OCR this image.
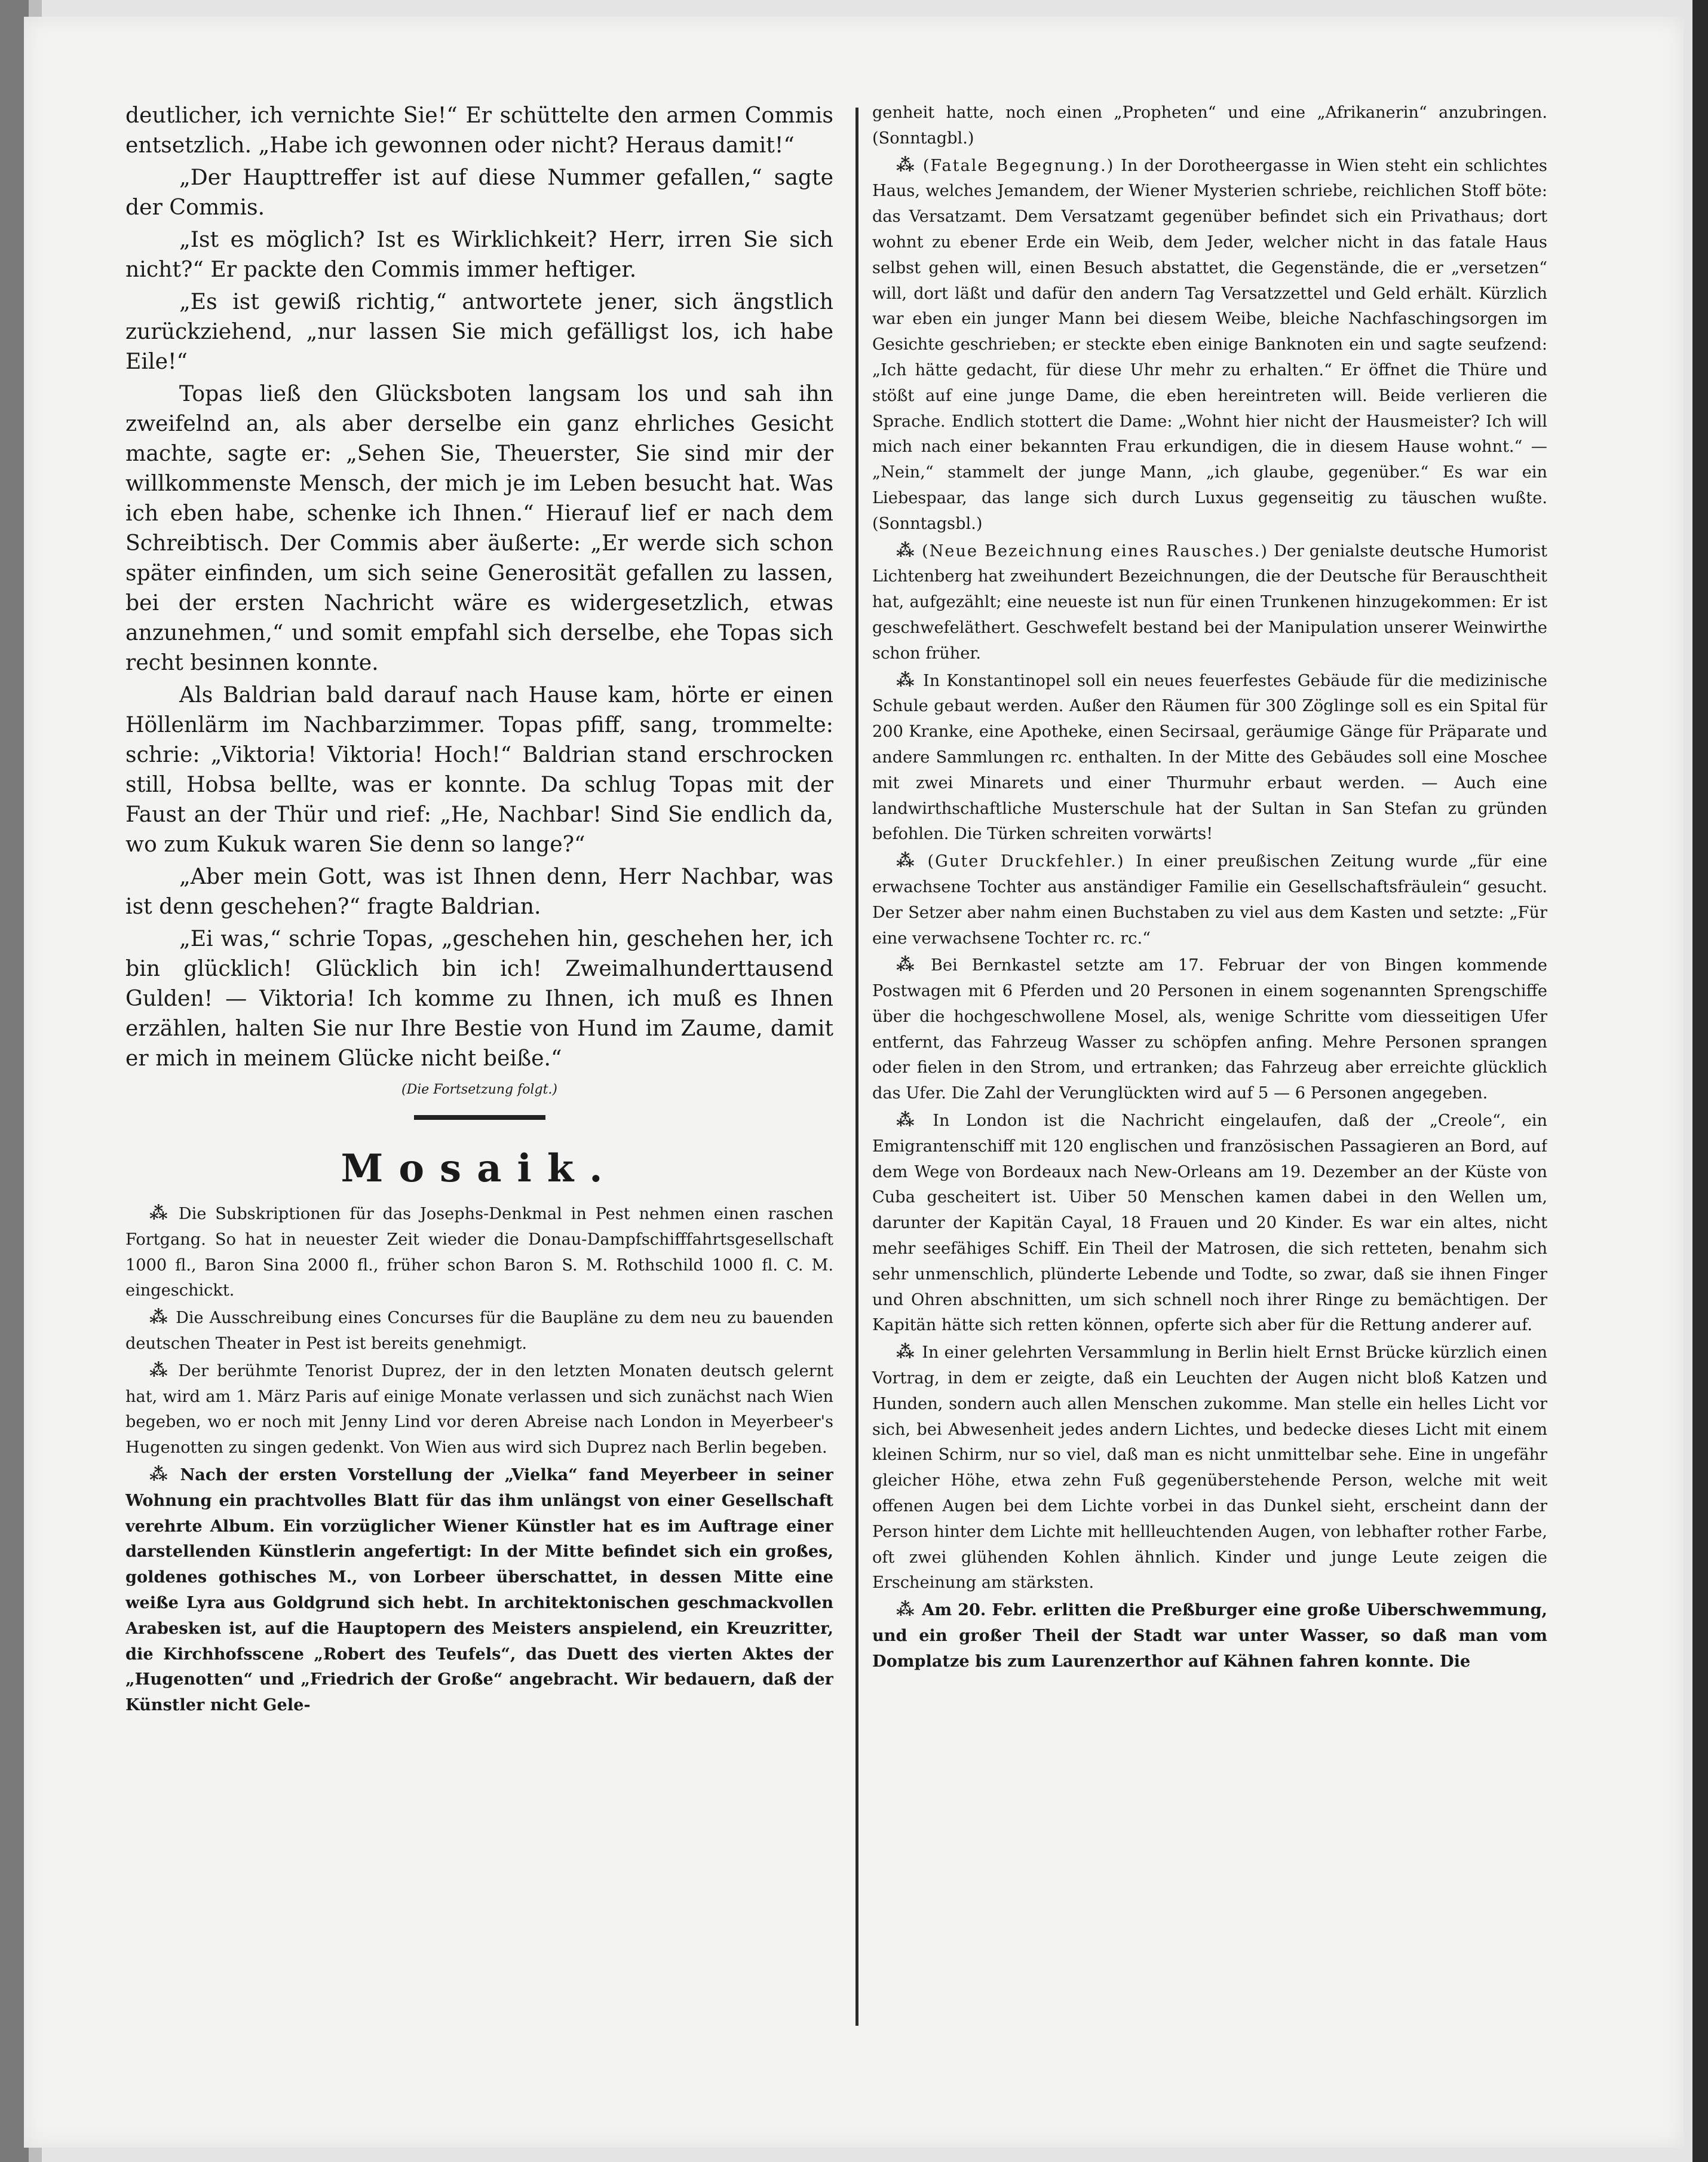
deutlicher, ich vernichte Sie!“ Er schüttelte den armen Commis entsetzlich. „Habe ich gewonnen oder nicht? Heraus damit!“

„Der Haupttreffer ist auf diese Nummer gefallen,“ sagte der Commis.

„Ist es möglich? Ist es Wirklichkeit? Herr, irren Sie sich nicht?“ Er packte den Commis immer heftiger.

„Es ist gewiß richtig,“ antwortete jener, sich ängstlich zurückziehend, „nur lassen Sie mich gefälligst los, ich habe Eile!“

Topas ließ den Glücksboten langsam los und sah ihn zweifelnd an, als aber derselbe ein ganz ehrliches Gesicht machte, sagte er: „Sehen Sie, Theuerster, Sie sind mir der willkommenste Mensch, der mich je im Leben besucht hat. Was ich eben habe, schenke ich Ihnen.“ Hierauf lief er nach dem Schreibtisch. Der Commis aber äußerte: „Er werde sich schon später einfinden, um sich seine Generosität gefallen zu lassen, bei der ersten Nachricht wäre es widergesetzlich, etwas anzunehmen,“ und somit empfahl sich derselbe, ehe Topas sich recht besinnen konnte.

Als Baldrian bald darauf nach Hause kam, hörte er einen Höllenlärm im Nachbarzimmer. Topas pfiff, sang, trommelte: schrie: „Viktoria! Viktoria! Hoch!“ Baldrian stand erschrocken still, Hobsa bellte, was er konnte. Da schlug Topas mit der Faust an der Thür und rief: „He, Nachbar! Sind Sie endlich da, wo zum Kukuk waren Sie denn so lange?“

„Aber mein Gott, was ist Ihnen denn, Herr Nachbar, was ist denn geschehen?“ fragte Baldrian.

„Ei was,“ schrie Topas, „geschehen hin, geschehen her, ich bin glücklich! Glücklich bin ich! Zweimalhunderttausend Gulden! — Viktoria! Ich komme zu Ihnen, ich muß es Ihnen erzählen, halten Sie nur Ihre Bestie von Hund im Zaume, damit er mich in meinem Glücke nicht beiße.“

(Die Fortsetzung folgt.)
Mosaik.

⁂ Die Subskriptionen für das Josephs-Denkmal in Pest nehmen einen raschen Fortgang. So hat in neuester Zeit wieder die Donau-Dampfschifffahrtsgesellschaft 1000 fl., Baron Sina 2000 fl., früher schon Baron S. M. Rothschild 1000 fl. C. M. eingeschickt.

⁂ Die Ausschreibung eines Concurses für die Baupläne zu dem neu zu bauenden deutschen Theater in Pest ist bereits genehmigt.

⁂ Der berühmte Tenorist Duprez, der in den letzten Monaten deutsch gelernt hat, wird am 1. März Paris auf einige Monate verlassen und sich zunächst nach Wien begeben, wo er noch mit Jenny Lind vor deren Abreise nach London in Meyerbeer's Hugenotten zu singen gedenkt. Von Wien aus wird sich Duprez nach Berlin begeben.

⁂ Nach der ersten Vorstellung der „Vielka“ fand Meyerbeer in seiner Wohnung ein prachtvolles Blatt für das ihm unlängst von einer Gesellschaft verehrte Album. Ein vorzüglicher Wiener Künstler hat es im Auftrage einer darstellenden Künstlerin angefertigt: In der Mitte befindet sich ein großes, goldenes gothisches M., von Lorbeer überschattet, in dessen Mitte eine weiße Lyra aus Goldgrund sich hebt. In architektonischen geschmackvollen Arabesken ist, auf die Hauptopern des Meisters anspielend, ein Kreuzritter, die Kirchhofsscene „Robert des Teufels“, das Duett des vierten Aktes der „Hugenotten“ und „Friedrich der Große“ angebracht. Wir bedauern, daß der Künstler nicht Gele-

genheit hatte, noch einen „Propheten“ und eine „Afrikanerin“ anzubringen. (Sonntagbl.)

⁂ (Fatale Begegnung.) In der Dorotheergasse in Wien steht ein schlichtes Haus, welches Jemandem, der Wiener Mysterien schriebe, reichlichen Stoff böte: das Versatzamt. Dem Versatzamt gegenüber befindet sich ein Privathaus; dort wohnt zu ebener Erde ein Weib, dem Jeder, welcher nicht in das fatale Haus selbst gehen will, einen Besuch abstattet, die Gegenstände, die er „versetzen“ will, dort läßt und dafür den andern Tag Versatzzettel und Geld erhält. Kürzlich war eben ein junger Mann bei diesem Weibe, bleiche Nachfaschingsorgen im Gesichte geschrieben; er steckte eben einige Banknoten ein und sagte seufzend: „Ich hätte gedacht, für diese Uhr mehr zu erhalten.“ Er öffnet die Thüre und stößt auf eine junge Dame, die eben hereintreten will. Beide verlieren die Sprache. Endlich stottert die Dame: „Wohnt hier nicht der Hausmeister? Ich will mich nach einer bekannten Frau erkundigen, die in diesem Hause wohnt.“ — „Nein,“ stammelt der junge Mann, „ich glaube, gegenüber.“ Es war ein Liebespaar, das lange sich durch Luxus gegenseitig zu täuschen wußte. (Sonntagsbl.)

⁂ (Neue Bezeichnung eines Rausches.) Der genialste deutsche Humorist Lichtenberg hat zweihundert Bezeichnungen, die der Deutsche für Berauschtheit hat, aufgezählt; eine neueste ist nun für einen Trunkenen hinzugekommen: Er ist geschwefeläthert. Geschwefelt bestand bei der Manipulation unserer Weinwirthe schon früher.

⁂ In Konstantinopel soll ein neues feuerfestes Gebäude für die medizinische Schule gebaut werden. Außer den Räumen für 300 Zöglinge soll es ein Spital für 200 Kranke, eine Apotheke, einen Secirsaal, geräumige Gänge für Präparate und andere Sammlungen rc. enthalten. In der Mitte des Gebäudes soll eine Moschee mit zwei Minarets und einer Thurmuhr erbaut werden. — Auch eine landwirthschaftliche Musterschule hat der Sultan in San Stefan zu gründen befohlen. Die Türken schreiten vorwärts!

⁂ (Guter Druckfehler.) In einer preußischen Zeitung wurde „für eine erwachsene Tochter aus anständiger Familie ein Gesellschaftsfräulein“ gesucht. Der Setzer aber nahm einen Buchstaben zu viel aus dem Kasten und setzte: „Für eine verwachsene Tochter rc. rc.“

⁂ Bei Bernkastel setzte am 17. Februar der von Bingen kommende Postwagen mit 6 Pferden und 20 Personen in einem sogenannten Sprengschiffe über die hochgeschwollene Mosel, als, wenige Schritte vom diesseitigen Ufer entfernt, das Fahrzeug Wasser zu schöpfen anfing. Mehre Personen sprangen oder fielen in den Strom, und ertranken; das Fahrzeug aber erreichte glücklich das Ufer. Die Zahl der Verunglückten wird auf 5 — 6 Personen angegeben.

⁂ In London ist die Nachricht eingelaufen, daß der „Creole“, ein Emigrantenschiff mit 120 englischen und französischen Passagieren an Bord, auf dem Wege von Bordeaux nach New-Orleans am 19. Dezember an der Küste von Cuba gescheitert ist. Uiber 50 Menschen kamen dabei in den Wellen um, darunter der Kapitän Cayal, 18 Frauen und 20 Kinder. Es war ein altes, nicht mehr seefähiges Schiff. Ein Theil der Matrosen, die sich retteten, benahm sich sehr unmenschlich, plünderte Lebende und Todte, so zwar, daß sie ihnen Finger und Ohren abschnitten, um sich schnell noch ihrer Ringe zu bemächtigen. Der Kapitän hätte sich retten können, opferte sich aber für die Rettung anderer auf.

⁂ In einer gelehrten Versammlung in Berlin hielt Ernst Brücke kürzlich einen Vortrag, in dem er zeigte, daß ein Leuchten der Augen nicht bloß Katzen und Hunden, sondern auch allen Menschen zukomme. Man stelle ein helles Licht vor sich, bei Abwesenheit jedes andern Lichtes, und bedecke dieses Licht mit einem kleinen Schirm, nur so viel, daß man es nicht unmittelbar sehe. Eine in ungefähr gleicher Höhe, etwa zehn Fuß gegenüberstehende Person, welche mit weit offenen Augen bei dem Lichte vorbei in das Dunkel sieht, erscheint dann der Person hinter dem Lichte mit hellleuchtenden Augen, von lebhafter rother Farbe, oft zwei glühenden Kohlen ähnlich. Kinder und junge Leute zeigen die Erscheinung am stärksten.

⁂ Am 20. Febr. erlitten die Preßburger eine große Uiberschwemmung, und ein großer Theil der Stadt war unter Wasser, so daß man vom Domplatze bis zum Laurenzerthor auf Kähnen fahren konnte. Die
